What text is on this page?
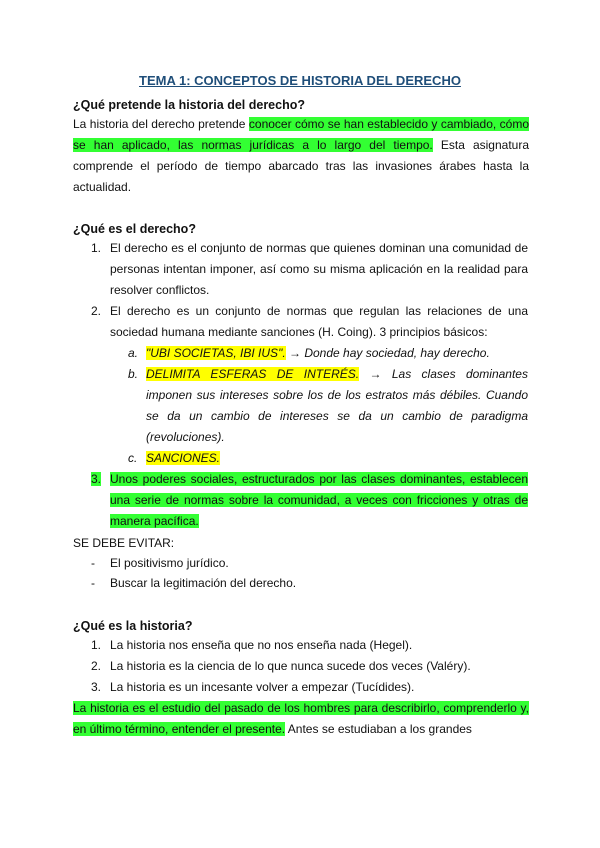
TEMA 1: CONCEPTOS DE HISTORIA DEL DERECHO
¿Qué pretende la historia del derecho?
La historia del derecho pretende conocer cómo se han establecido y cambiado, cómo se han aplicado, las normas jurídicas a lo largo del tiempo. Esta asignatura comprende el período de tiempo abarcado tras las invasiones árabes hasta la actualidad.
¿Qué es el derecho?
1. El derecho es el conjunto de normas que quienes dominan una comunidad de personas intentan imponer, así como su misma aplicación en la realidad para resolver conflictos.
2. El derecho es un conjunto de normas que regulan las relaciones de una sociedad humana mediante sanciones (H. Coing). 3 principios básicos:
a. "UBI SOCIETAS, IBI IUS". → Donde hay sociedad, hay derecho.
b. DELIMITA ESFERAS DE INTERÉS. → Las clases dominantes imponen sus intereses sobre los de los estratos más débiles. Cuando se da un cambio de intereses se da un cambio de paradigma (revoluciones).
c. SANCIONES.
3. Unos poderes sociales, estructurados por las clases dominantes, establecen una serie de normas sobre la comunidad, a veces con fricciones y otras de manera pacífica.
SE DEBE EVITAR:
- El positivismo jurídico.
- Buscar la legitimación del derecho.
¿Qué es la historia?
1. La historia nos enseña que no nos enseña nada (Hegel).
2. La historia es la ciencia de lo que nunca sucede dos veces (Valéry).
3. La historia es un incesante volver a empezar (Tucídides).
La historia es el estudio del pasado de los hombres para describirlo, comprenderlo y, en último término, entender el presente. Antes se estudiaban a los grandes
